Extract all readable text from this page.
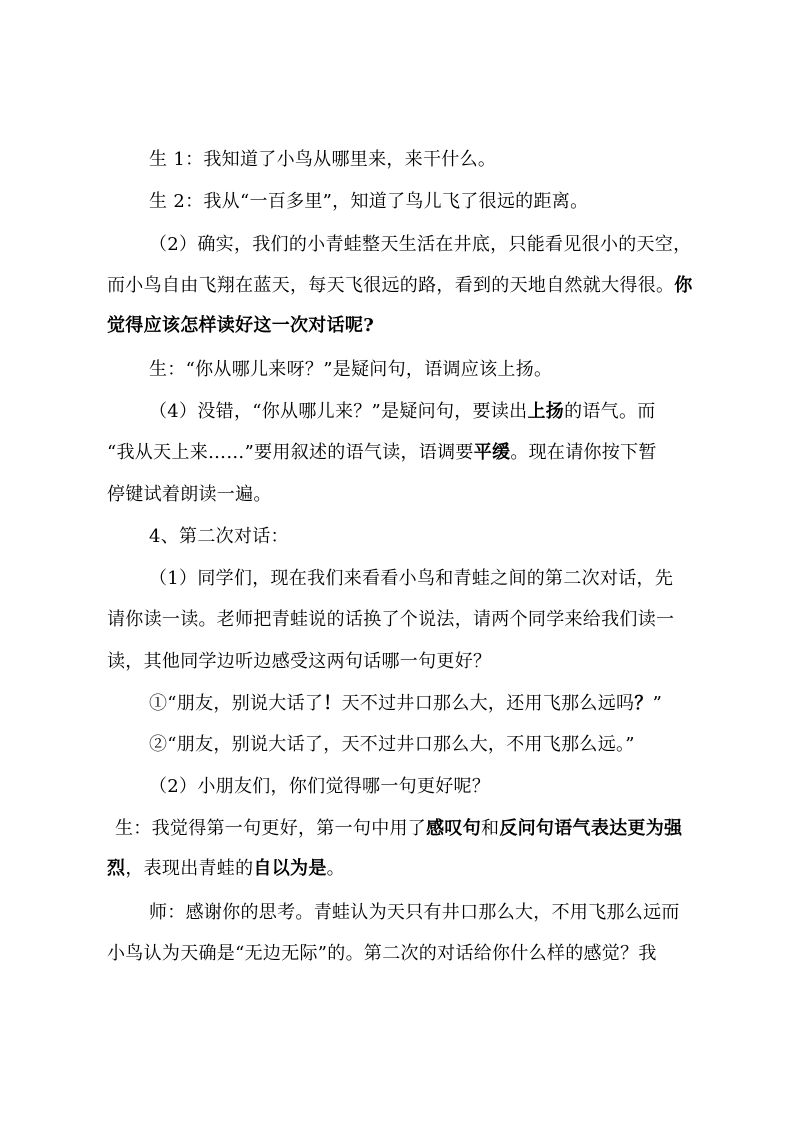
生 1：我知道了小鸟从哪里来，来干什么。
生 2：我从“一百多里”，知道了鸟儿飞了很远的距离。
（2）确实，我们的小青蛙整天生活在井底，只能看见很小的天空，
而小鸟自由飞翔在蓝天，每天飞很远的路，看到的天地自然就大得很。你
觉得应该怎样读好这一次对话呢?
生：“你从哪儿来呀？”是疑问句，语调应该上扬。
（4）没错，“你从哪儿来？”是疑问句，要读出上扬的语气。而
“我从天上来……”要用叙述的语气读，语调要平缓。现在请你按下暂
停键试着朗读一遍。
4、第二次对话：
（1）同学们，现在我们来看看小鸟和青蛙之间的第二次对话，先
请你读一读。老师把青蛙说的话换了个说法，请两个同学来给我们读一
读，其他同学边听边感受这两句话哪一句更好？
①“朋友，别说大话了！天不过井口那么大，还用飞那么远吗？”
②“朋友，别说大话了，天不过井口那么大，不用飞那么远。”
（2）小朋友们，你们觉得哪一句更好呢？
生：我觉得第一句更好，第一句中用了感叹句和反问句语气表达更为强
烈，表现出青蛙的自以为是。
师：感谢你的思考。青蛙认为天只有井口那么大，不用飞那么远而
小鸟认为天确是“无边无际”的。第二次的对话给你什么样的感觉？我
